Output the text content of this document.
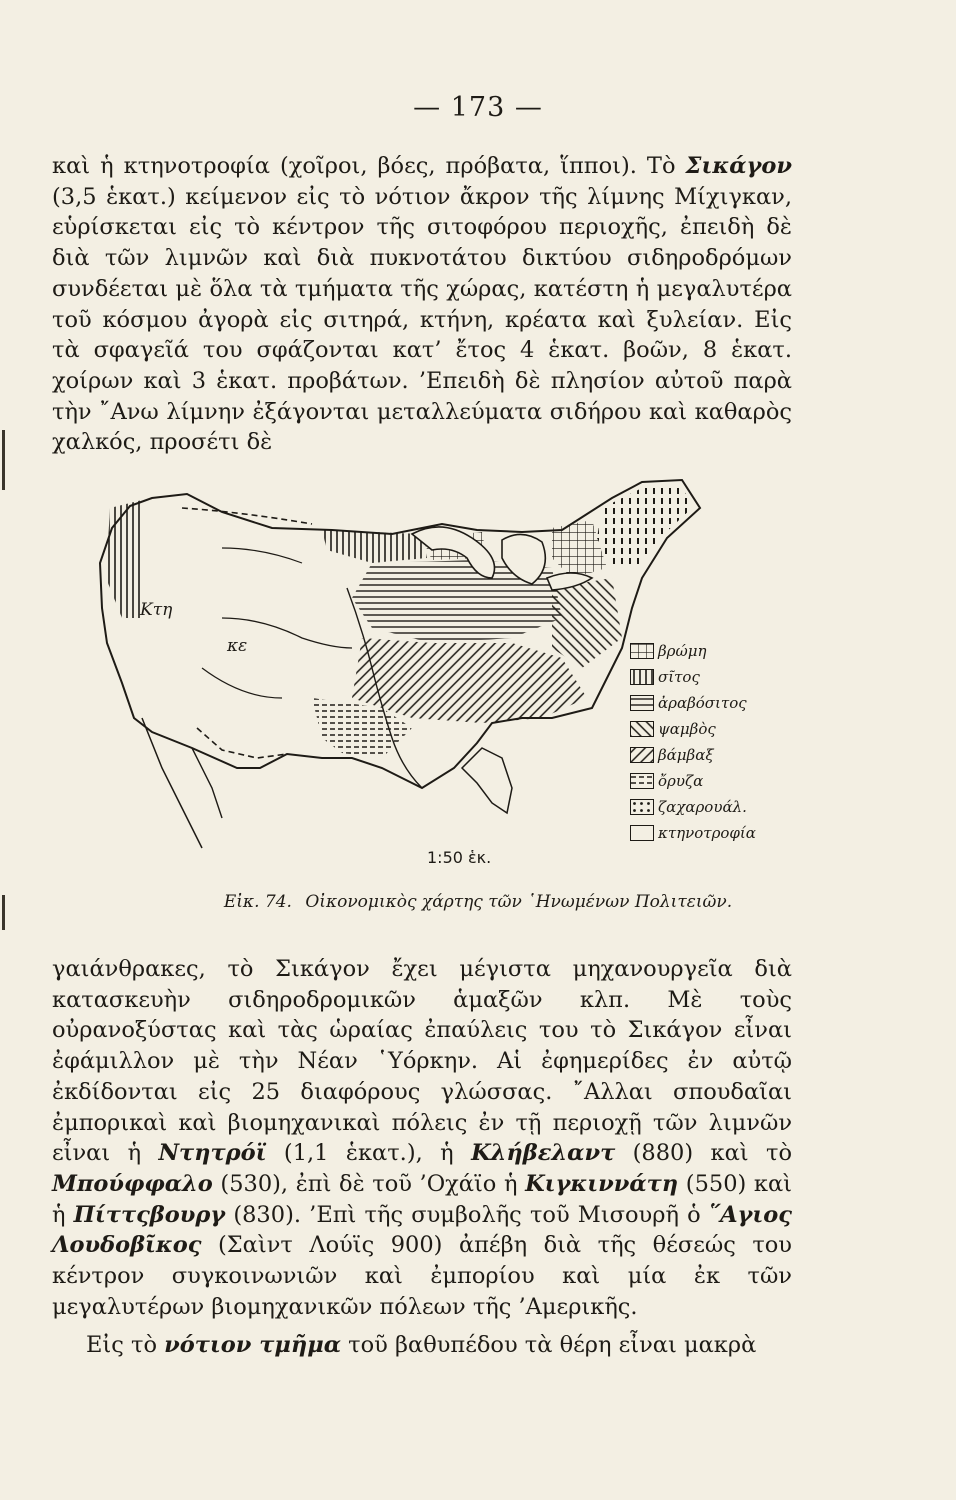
— 173 —

καὶ ἡ κτηνοτροφία (χοῖροι, βόες, πρόβατα, ἵπποι). Τὸ Σικάγον (3,5 ἑκατ.) κείμενον εἰς τὸ νότιον ἄκρον τῆς λίμνης Μίχιγκαν, εὑρίσκεται εἰς τὸ κέντρον τῆς σιτοφόρου περιοχῆς, ἐπειδὴ δὲ διὰ τῶν λιμνῶν καὶ διὰ πυκνοτάτου δικτύου σιδηροδρόμων συνδέεται μὲ ὅλα τὰ τμήματα τῆς χώρας, κατέστη ἡ μεγαλυτέρα τοῦ κόσμου ἀγορὰ εἰς σιτηρά, κτήνη, κρέατα καὶ ξυλείαν. Εἰς τὰ σφαγεῖά του σφάζονται κατ’ ἔτος 4 ἑκατ. βοῶν, 8 ἑκατ. χοίρων καὶ 3 ἑκατ. προβάτων. ’Επειδὴ δὲ πλησίον αὐτοῦ παρὰ τὴν ῎Ανω λίμνην ἐξάγονται μεταλλεύματα σιδήρου καὶ καθαρὸς χαλκός, προσέτι δὲ

Κτη
κε	βρώμη
σῖτος
ἀραβόσιτος
ψαμβὸς
βάμβαξ
ὄρυζα
ζαχαρουάλ.
κτηνοτροφία
1:50 ἑκ.
Εἰκ. 74. Οἰκονομικὸς χάρτης τῶν ῾Ηνωμένων Πολιτειῶν.

γαιάνθρακες, τὸ Σικάγον ἔχει μέγιστα μηχανουργεῖα διὰ κατασκευὴν σιδηροδρομικῶν ἁμαξῶν κλπ. Μὲ τοὺς οὐρανοξύστας καὶ τὰς ὡραίας ἐπαύλεις του τὸ Σικάγον εἶναι ἐφάμιλλον μὲ τὴν Νέαν ῾Υόρκην. Αἱ ἐφημερίδες ἐν αὐτῷ ἐκδίδονται εἰς 25 διαφόρους γλώσσας. ῎Αλλαι σπουδαῖαι ἐμπορικαὶ καὶ βιομηχανικαὶ πόλεις ἐν τῇ περιοχῇ τῶν λιμνῶν εἶναι ἡ Ντητρόϊ (1,1 ἑκατ.), ἡ Κλήβελαντ (880) καὶ τὸ Μπούφφαλο (530), ἐπὶ δὲ τοῦ ’Οχάϊο ἡ Κιγκιννάτη (550) καὶ ἡ Πίττςβουργ (830). ’Επὶ τῆς συμβολῆς τοῦ Μισουρῆ ὁ ῞Αγιος Λουδοβῖκος (Σαὶντ Λούϊς 900) ἀπέβη διὰ τῆς θέσεώς του κέντρον συγκοινωνιῶν καὶ ἐμπορίου καὶ μία ἐκ τῶν μεγαλυτέρων βιομηχανικῶν πόλεων τῆς ’Αμερικῆς.

Εἰς τὸ νότιον τμῆμα τοῦ βαθυπέδου τὰ θέρη εἶναι μακρὰ
